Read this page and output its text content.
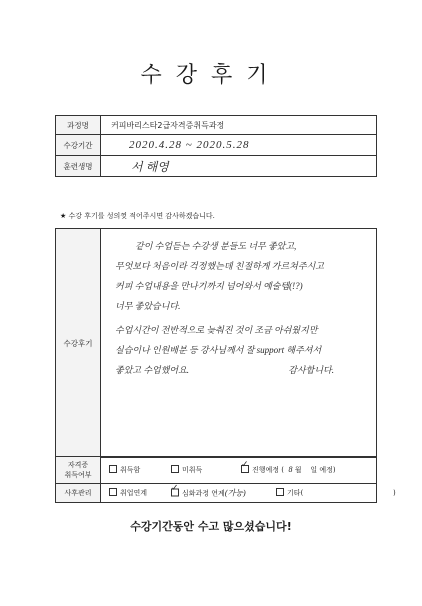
수강후기
과정명	커피바리스타2급자격증취득과정
수강기간	2020.4.28 ~ 2020.5.28
훈련생명	서 해영
★ 수강 후기를 성의껏 적어주시면 감사하겠습니다.
수강후기	
같이 수업듣는 수강생 분들도 너무 좋았고,
무엇보다 처음이라 걱정했는데 친절하게 가르쳐주시고
커피 수업내용을 만나기까지 넘어와서 예술템(!?)
너무 좋았습니다.
수업시간이 전반적으로 늦춰진 것이 조금 아쉬웠지만
실습이나 인원배분 등 강사님께서 잘 support 해주셔서
좋았고 수업했어요.	감사합니다.
자격증
취득여부	취득함 미취득 ✓ 진행예정 ( 8 월 일 예정)

사후관리	취업연계 ✓ 심화과정 연계(가능) 기타( )
수강기간동안 수고 많으셨습니다!
